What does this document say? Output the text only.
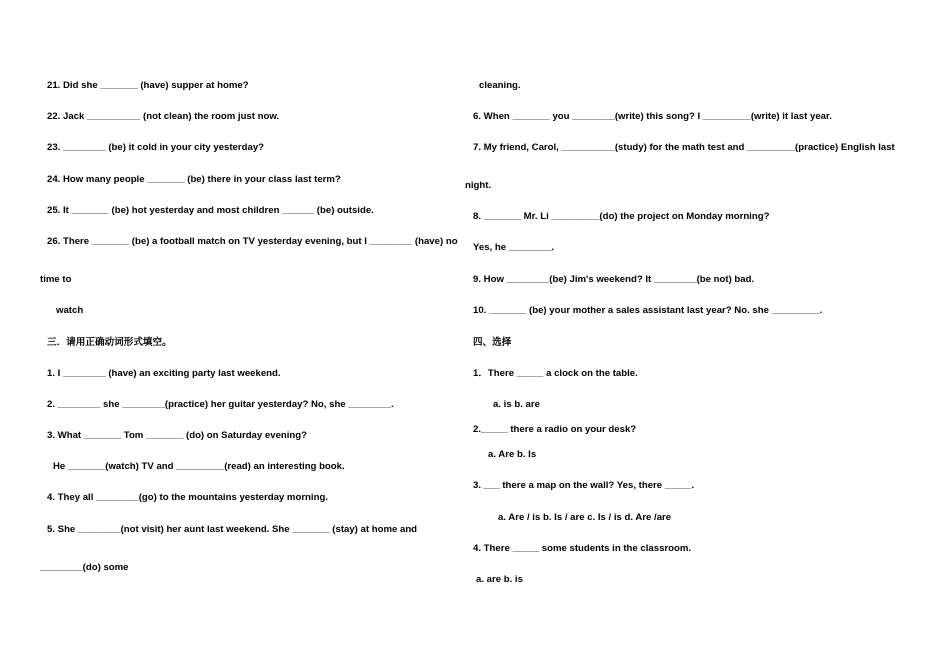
21. Did she _______ (have) supper at home?
22. Jack __________ (not clean) the room just now.
23. ________ (be) it cold in your city yesterday?
24. How many people _______ (be) there in your class last term?
25. It _______ (be) hot yesterday and most children ______ (be) outside.
26. There _______ (be) a football match on TV yesterday evening, but I ________ (have) no
time to
watch
三．请用正确动词形式填空。
1. I ________ (have) an exciting party last weekend.
2. ________ she ________(practice) her guitar yesterday? No, she ________.
3. What _______ Tom _______ (do) on Saturday evening?
He _______(watch) TV and _________(read) an interesting book.
4. They all ________(go) to the mountains yesterday morning.
5. She ________(not visit) her aunt last weekend. She _______ (stay) at home and
________(do) some
cleaning.
6. When _______ you ________(write) this song? I _________(write) it last year.
7. My friend, Carol, __________(study) for the math test and _________(practice) English last
night.
8. _______ Mr. Li _________(do) the project on Monday morning?
Yes, he ________.
9. How ________(be) Jim's weekend? It ________(be not) bad.
10. _______ (be) your mother a sales assistant last year? No. she _________.
四、选择
1．There _____ a clock on the table.
a. is b. are
2._____ there a radio on your desk?
a. Are b. Is
3. ___ there a map on the wall? Yes, there _____.
a. Are / is b. Is / are c. Is / is d. Are /are
4. There _____ some students in the classroom.
a. are b. is
